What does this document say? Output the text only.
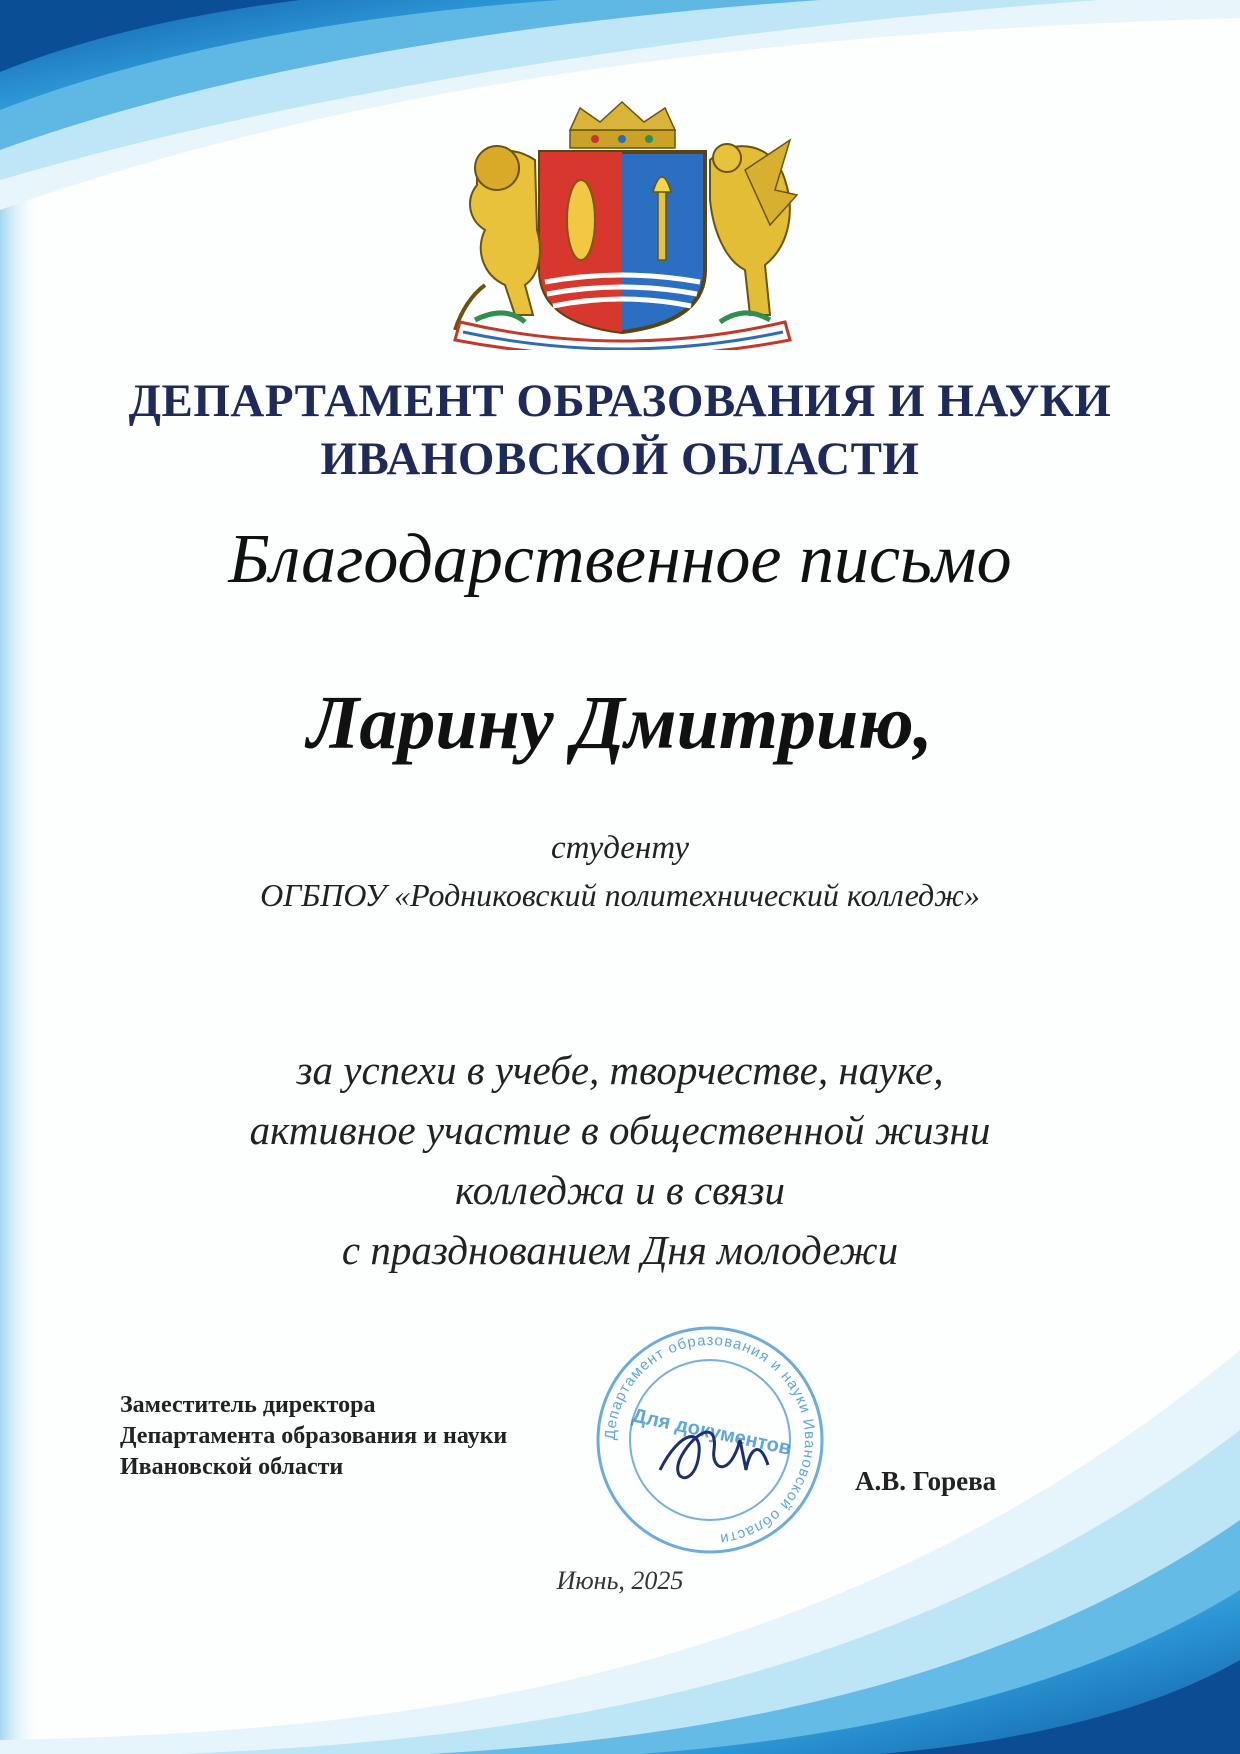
ДЕПАРТАМЕНТ ОБРАЗОВАНИЯ И НАУКИ
ИВАНОВСКОЙ ОБЛАСТИ

Благодарственное письмо

Ларину Дмитрию,

студенту

ОГБПОУ «Родниковский политехнический колледж»

за успехи в учебе, творчестве, науке,
активное участие в общественной жизни
колледжа и в связи
с празднованием Дня молодежи
Заместитель директора
Департамента образования и науки
Ивановской области
Департамент образования и науки Ивановской области
Для документов
А.В. Горева
Июнь, 2025
